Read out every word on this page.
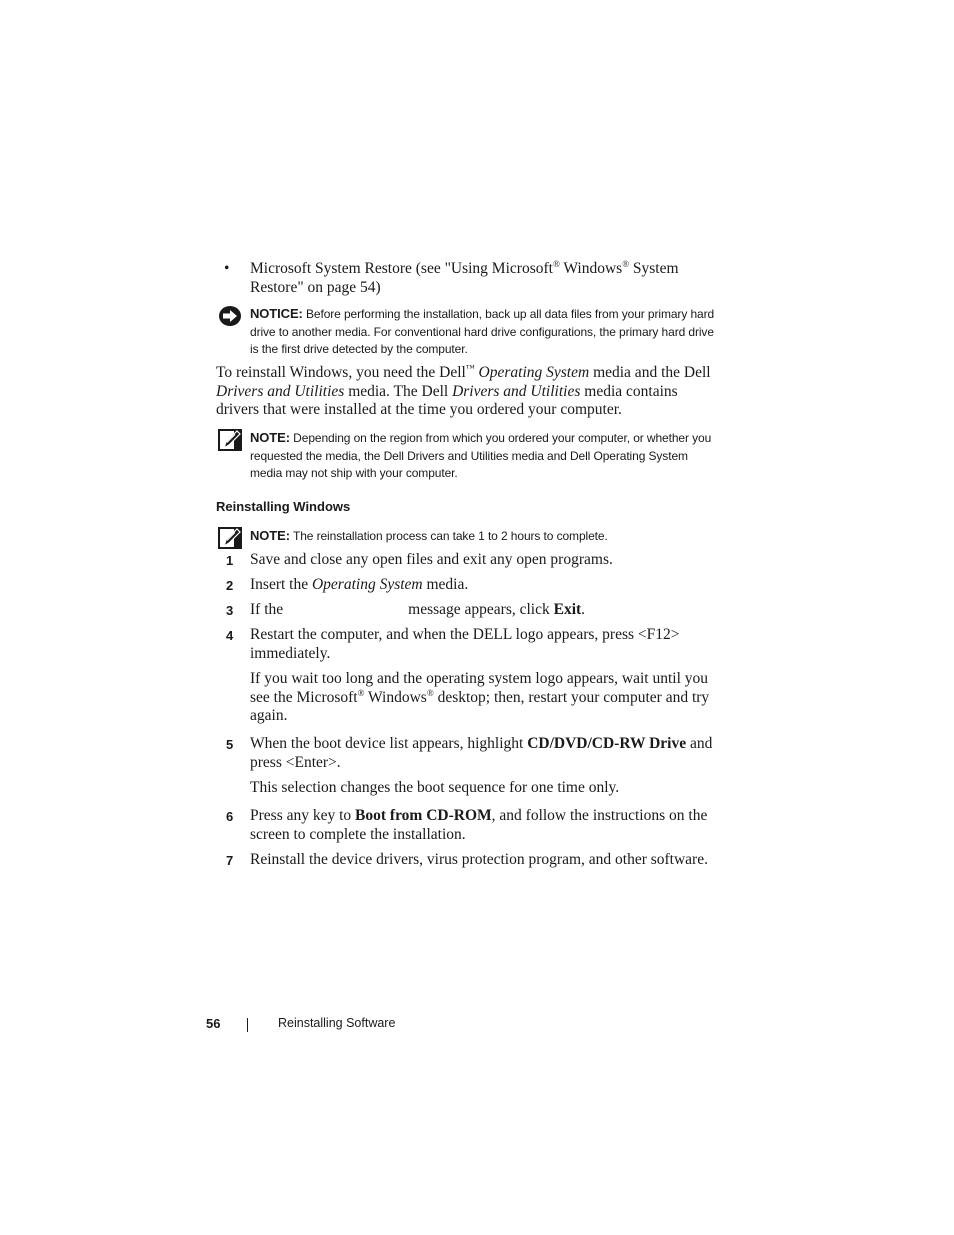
• Microsoft System Restore (see "Using Microsoft® Windows® System Restore" on page 54)
NOTICE: Before performing the installation, back up all data files from your primary hard drive to another media. For conventional hard drive configurations, the primary hard drive is the first drive detected by the computer.
To reinstall Windows, you need the Dell™ Operating System media and the Dell Drivers and Utilities media. The Dell Drivers and Utilities media contains drivers that were installed at the time you ordered your computer.
NOTE: Depending on the region from which you ordered your computer, or whether you requested the media, the Dell Drivers and Utilities media and Dell Operating System media may not ship with your computer.
Reinstalling Windows
NOTE: The reinstallation process can take 1 to 2 hours to complete.
1 Save and close any open files and exit any open programs.
2 Insert the Operating System media.
3 If the	message appears, click Exit.
4 Restart the computer, and when the DELL logo appears, press <F12> immediately.
If you wait too long and the operating system logo appears, wait until you see the Microsoft® Windows® desktop; then, restart your computer and try again.
5 When the boot device list appears, highlight CD/DVD/CD-RW Drive and press <Enter>.
This selection changes the boot sequence for one time only.
6 Press any key to Boot from CD-ROM, and follow the instructions on the screen to complete the installation.
7 Reinstall the device drivers, virus protection program, and other software.
56	Reinstalling Software
